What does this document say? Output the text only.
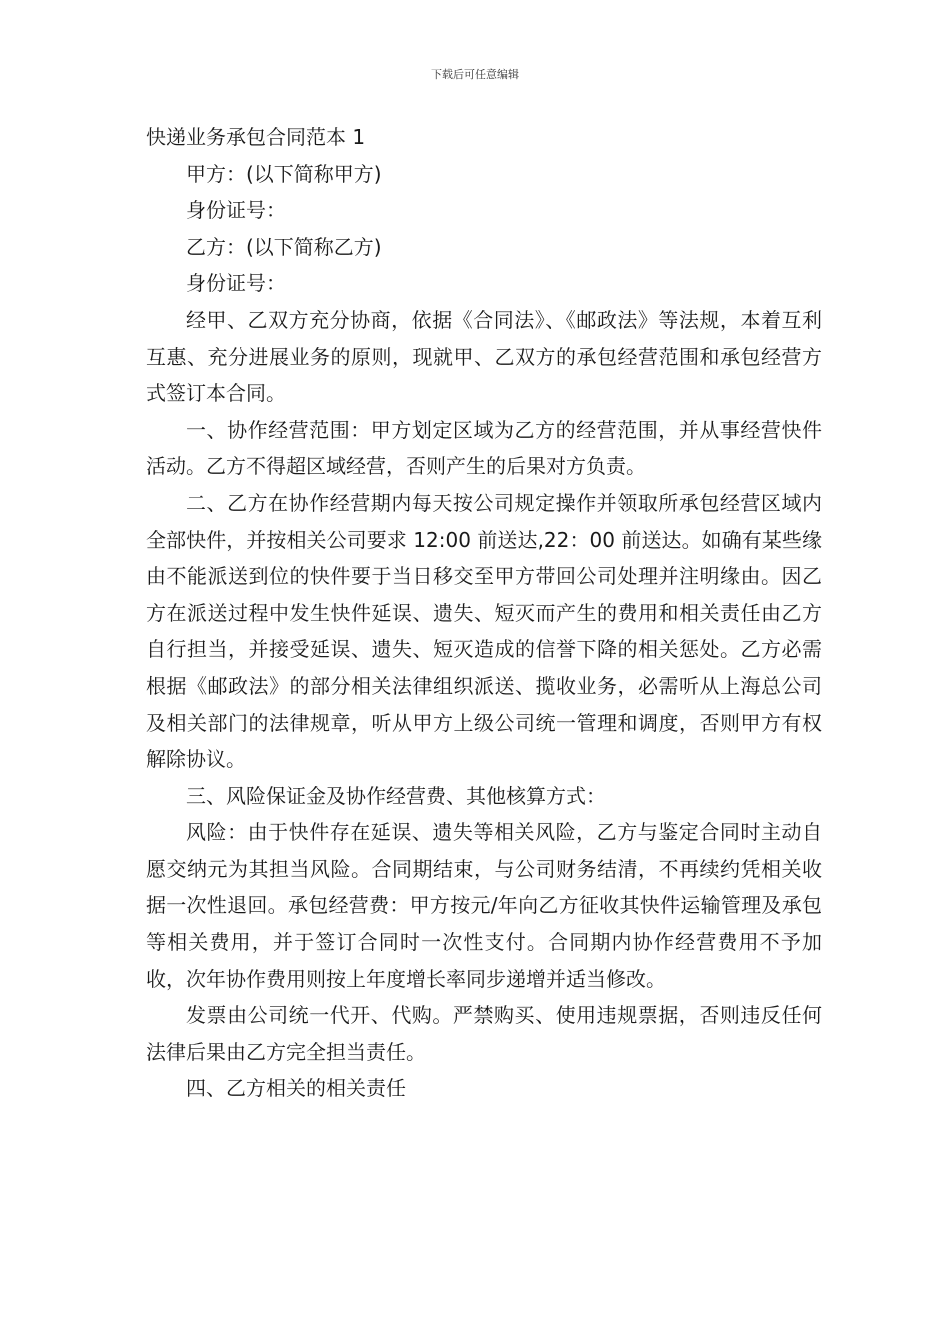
下载后可任意编辑

快递业务承包合同范本 1

甲方：(以下简称甲方)

身份证号：

乙方：(以下简称乙方)

身份证号：

经甲、乙双方充分协商，依据《合同法》、《邮政法》等法规，本着互利互惠、充分进展业务的原则，现就甲、乙双方的承包经营范围和承包经营方式签订本合同。

一、协作经营范围：甲方划定区域为乙方的经营范围，并从事经营快件活动。乙方不得超区域经营，否则产生的后果对方负责。

二、乙方在协作经营期内每天按公司规定操作并领取所承包经营区域内全部快件，并按相关公司要求 12:00 前送达,22：00 前送达。如确有某些缘由不能派送到位的快件要于当日移交至甲方带回公司处理并注明缘由。因乙方在派送过程中发生快件延误、遗失、短灭而产生的费用和相关责任由乙方自行担当，并接受延误、遗失、短灭造成的信誉下降的相关惩处。乙方必需根据《邮政法》的部分相关法律组织派送、揽收业务，必需听从上海总公司及相关部门的法律规章，听从甲方上级公司统一管理和调度，否则甲方有权解除协议。

三、风险保证金及协作经营费、其他核算方式：

风险：由于快件存在延误、遗失等相关风险，乙方与鉴定合同时主动自愿交纳元为其担当风险。合同期结束，与公司财务结清，不再续约凭相关收据一次性退回。承包经营费：甲方按元/年向乙方征收其快件运输管理及承包等相关费用，并于签订合同时一次性支付。合同期内协作经营费用不予加收，次年协作费用则按上年度增长率同步递增并适当修改。

发票由公司统一代开、代购。严禁购买、使用违规票据，否则违反任何法律后果由乙方完全担当责任。

四、乙方相关的相关责任
